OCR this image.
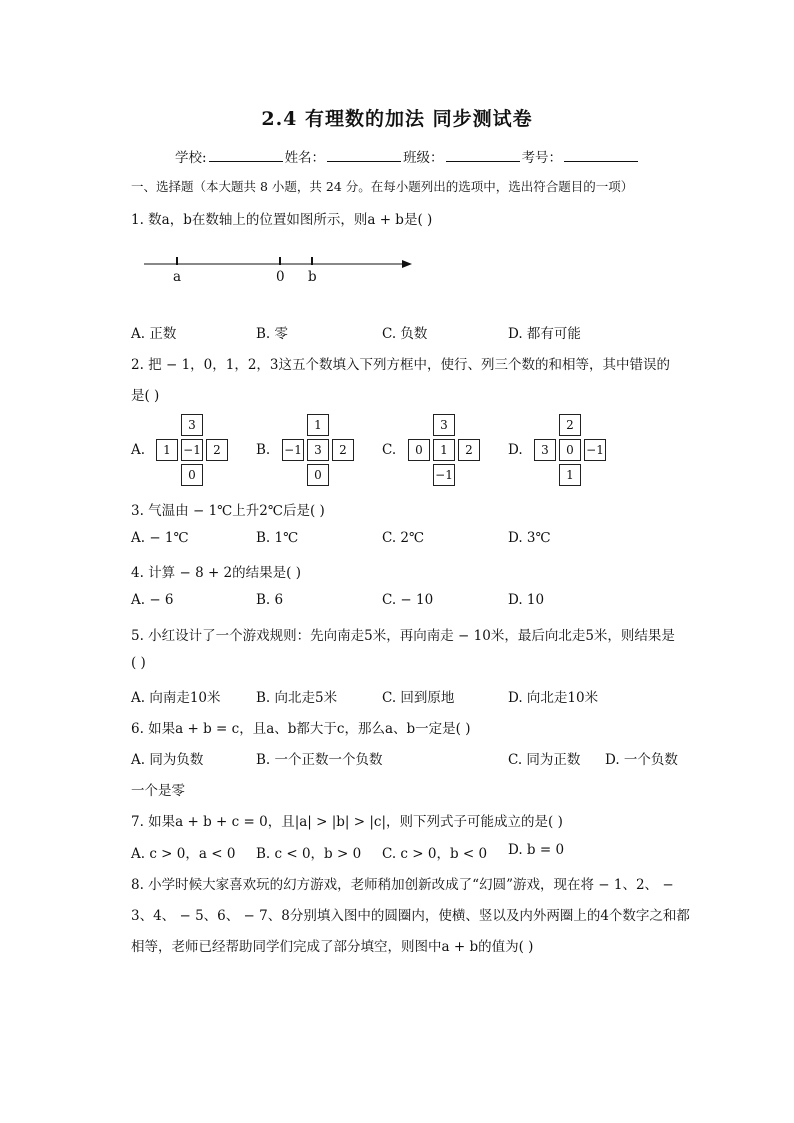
2.4 有理数的加法 同步测试卷
学校:	姓名：	班级：	考号：
一、选择题（本大题共 8 小题，共 24 分。在每小题列出的选项中，选出符合题目的一项）
1. 数a，b在数轴上的位置如图所示，则a + b是( )
a	0 b
A. 正数	B. 零	C. 负数	D. 都有可能
2. 把 − 1，0，1，2，3这五个数填入下列方框中，使行、列三个数的和相等，其中错误的
是( )
A.	B.	C.	D.
3
1	−1	2
0
1
−1	3	2
0
3
0	1	2
−1
2
3	0	−1
1
3. 气温由 − 1℃上升2℃后是( )
A. − 1℃	B. 1℃	C. 2℃	D. 3℃
4. 计算 − 8 + 2的结果是( )
A. − 6	B. 6	C. − 10	D. 10
5. 小红设计了一个游戏规则：先向南走5米，再向南走 − 10米，最后向北走5米，则结果是
( )
A. 向南走10米	B. 向北走5米	C. 回到原地	D. 向北走10米
6. 如果a + b = c，且a、b都大于c，那么a、b一定是( )
A. 同为负数	B. 一个正数一个负数	C. 同为正数 D. 一个负数
一个是零
7. 如果a + b + c = 0，且|a| > |b| > |c|，则下列式子可能成立的是( )
A. c > 0，a < 0 B. c < 0，b > 0 C. c > 0，b < 0 D. b = 0
8. 小学时候大家喜欢玩的幻方游戏，老师稍加创新改成了“幻圆”游戏，现在将 − 1、2、 −
3、4、 − 5、6、 − 7、8分别填入图中的圆圈内，使横、竖以及内外两圈上的4个数字之和都
相等，老师已经帮助同学们完成了部分填空，则图中a + b的值为( )
